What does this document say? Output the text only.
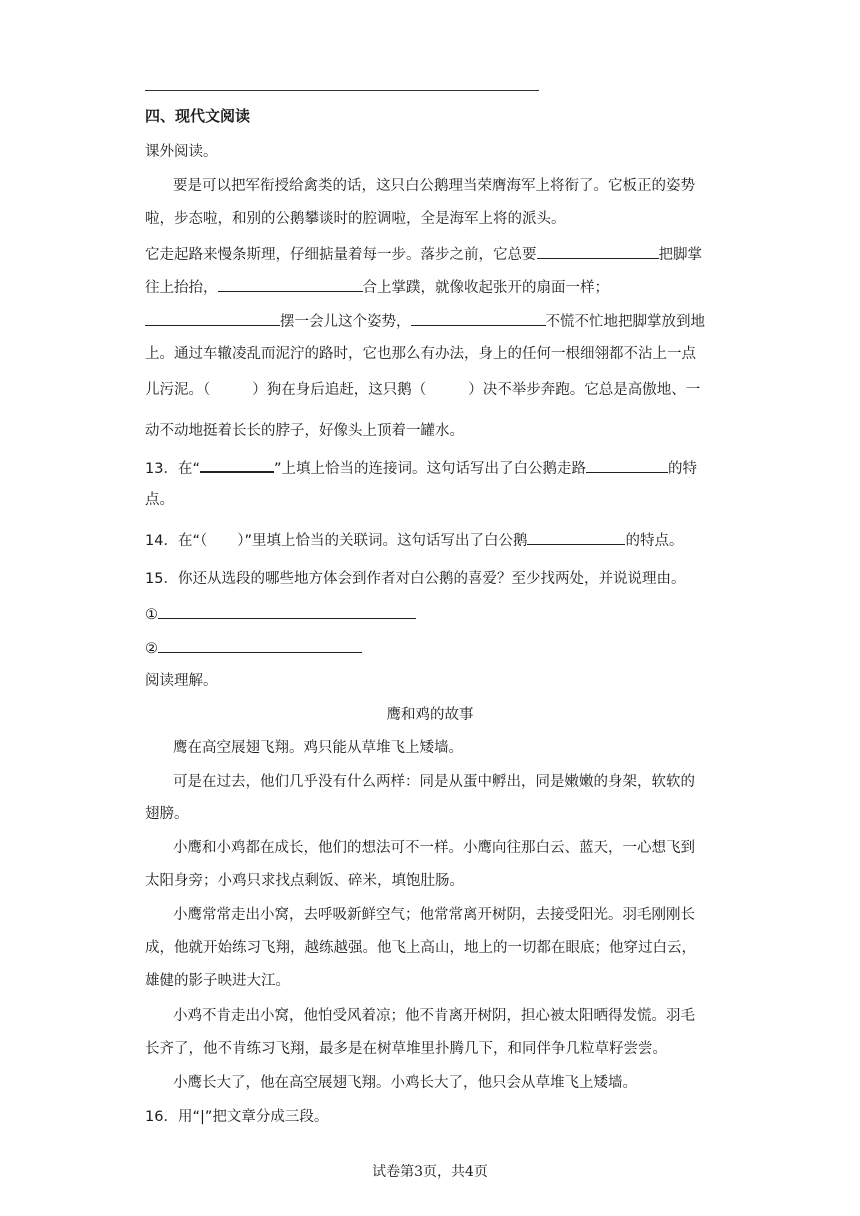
四、现代文阅读
课外阅读。
要是可以把军衔授给禽类的话，这只白公鹅理当荣膺海军上将衔了。它板正的姿势
啦，步态啦，和别的公鹅攀谈时的腔调啦，全是海军上将的派头。
它走起路来慢条斯理，仔细掂量着每一步。落步之前，它总要	把脚掌
往上抬抬，	合上掌蹼，就像收起张开的扇面一样；
摆一会儿这个姿势，	不慌不忙地把脚掌放到地
上。通过车辙凌乱而泥泞的路时，它也那么有办法，身上的任何一根细翎都不沾上一点
儿污泥。（	）狗在身后追赶，这只鹅（	）决不举步奔跑。它总是高傲地、一
动不动地挺着长长的脖子，好像头上顶着一罐水。
13．在“	”上填上恰当的连接词。这句话写出了白公鹅走路	的特
点。
14．在“（ ）”里填上恰当的关联词。这句话写出了白公鹅	的特点。
15．你还从选段的哪些地方体会到作者对白公鹅的喜爱？至少找两处，并说说理由。
①
②
阅读理解。
鹰和鸡的故事
鹰在高空展翅飞翔。鸡只能从草堆飞上矮墙。
可是在过去，他们几乎没有什么两样：同是从蛋中孵出，同是嫩嫩的身架，软软的
翅膀。
小鹰和小鸡都在成长，他们的想法可不一样。小鹰向往那白云、蓝天，一心想飞到
太阳身旁；小鸡只求找点剩饭、碎米，填饱肚肠。
小鹰常常走出小窝，去呼吸新鲜空气；他常常离开树阴，去接受阳光。羽毛刚刚长
成，他就开始练习飞翔，越练越强。他飞上高山，地上的一切都在眼底；他穿过白云，
雄健的影子映进大江。
小鸡不肯走出小窝，他怕受风着凉；他不肯离开树阴，担心被太阳晒得发慌。羽毛
长齐了，他不肯练习飞翔，最多是在树草堆里扑腾几下，和同伴争几粒草籽尝尝。
小鹰长大了，他在高空展翅飞翔。小鸡长大了，他只会从草堆飞上矮墙。
16．用“|”把文章分成三段。
试卷第3页，共4页
